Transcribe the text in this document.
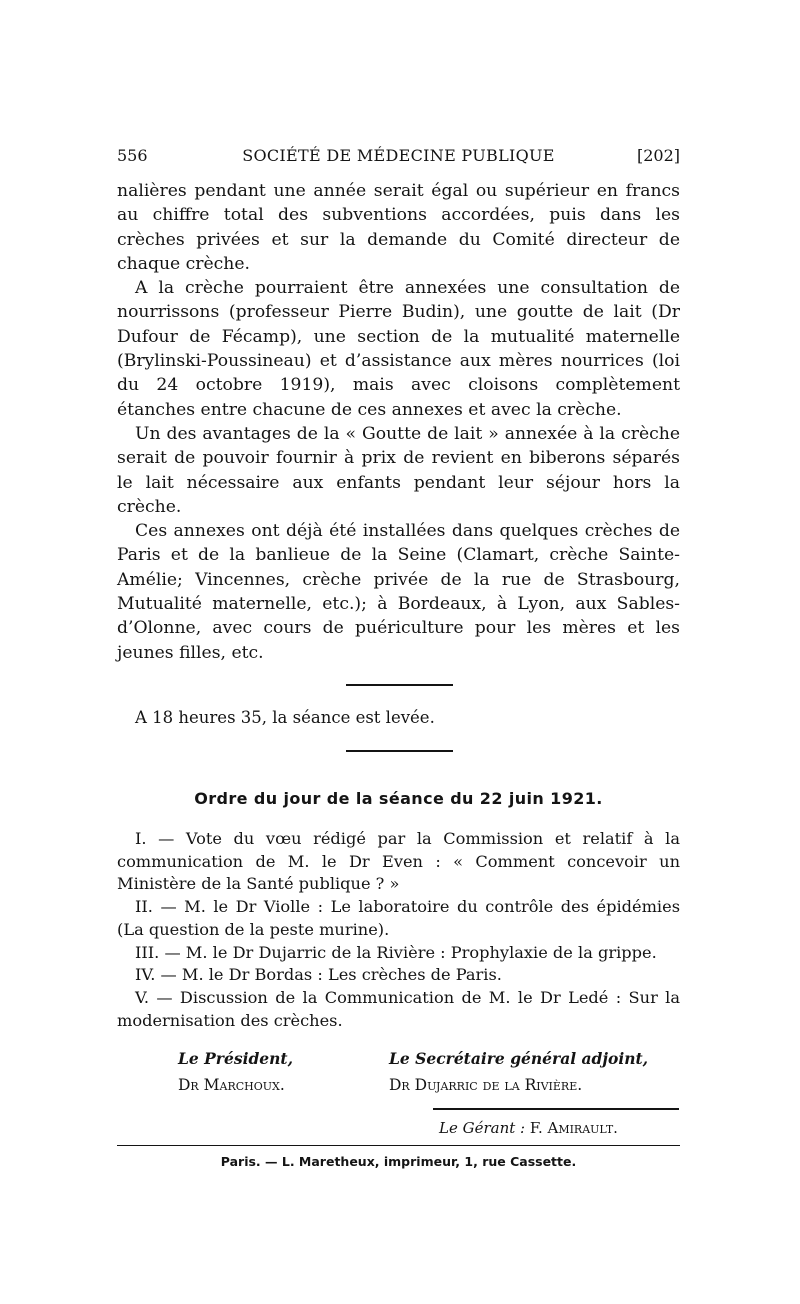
556	SOCIÉTÉ DE MÉDECINE PUBLIQUE	[202]

nalières pendant une année serait égal ou supérieur en francs au chiffre total des subventions accordées, puis dans les crèches privées et sur la demande du Comité directeur de chaque crèche.

A la crèche pourraient être annexées une consultation de nourrissons (professeur Pierre Budin), une goutte de lait (Dr Dufour de Fécamp), une section de la mutualité maternelle (Brylinski-Poussineau) et d’assistance aux mères nourrices (loi du 24 octobre 1919), mais avec cloisons complètement étanches entre chacune de ces annexes et avec la crèche.

Un des avantages de la « Goutte de lait » annexée à la crèche serait de pouvoir fournir à prix de revient en biberons séparés le lait nécessaire aux enfants pendant leur séjour hors la crèche.

Ces annexes ont déjà été installées dans quelques crèches de Paris et de la banlieue de la Seine (Clamart, crèche Sainte-Amélie; Vincennes, crèche privée de la rue de Strasbourg, Mutualité maternelle, etc.); à Bordeaux, à Lyon, aux Sables-d’Olonne, avec cours de puériculture pour les mères et les jeunes filles, etc.

A 18 heures 35, la séance est levée.
Ordre du jour de la séance du 22 juin 1921.

I. — Vote du vœu rédigé par la Commission et relatif à la communication de M. le Dr Even : « Comment concevoir un Ministère de la Santé publique ? »

II. — M. le Dr Violle : Le laboratoire du contrôle des épidémies (La question de la peste murine).

III. — M. le Dr Dujarric de la Rivière : Prophylaxie de la grippe.

IV. — M. le Dr Bordas : Les crèches de Paris.

V. — Discussion de la Communication de M. le Dr Ledé : Sur la modernisation des crèches.

Le Président,
Dr Marchoux.
Le Secrétaire général adjoint,
Dr Dujarric de la Rivière.
Le Gérant : F. Amirault.
Paris. — L. Maretheux, imprimeur, 1, rue Cassette.
